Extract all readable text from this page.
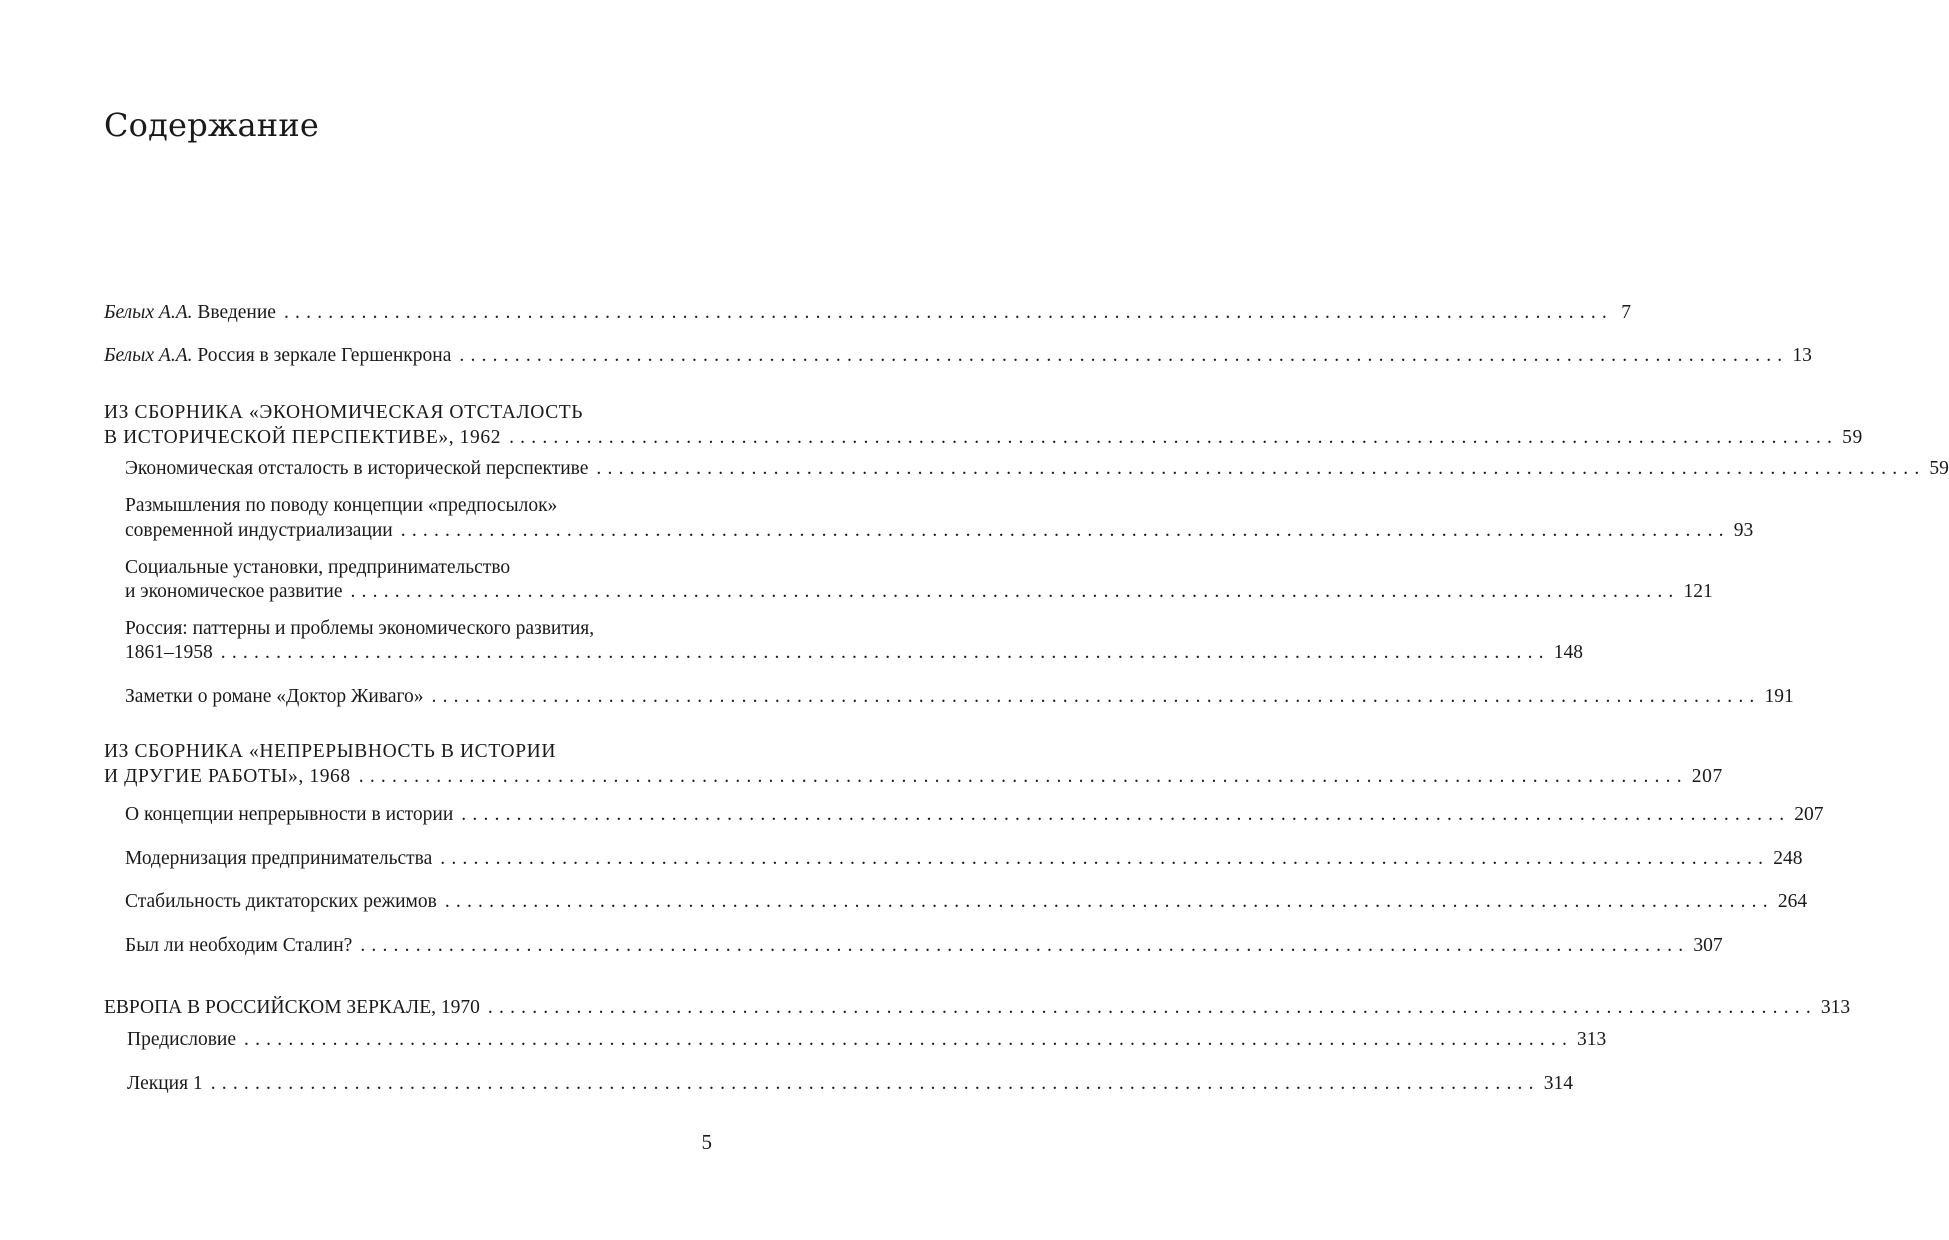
Содержание
Белых А.А.
Введение ........................................................................................................................ 7
Белых А.А.
Россия в зеркале Гершенкрона ........................................................................................................................ 13
ИЗ СБОРНИКА «ЭКОНОМИЧЕСКАЯ ОТСТАЛОСТЬ
В ИСТОРИЧЕСКОЙ ПЕРСПЕКТИВЕ», 1962 ........................................................................................................................ 59
Экономическая отсталость в исторической перспективе ........................................................................................................................ 59
Размышления по поводу концепции «предпосылок»
современной индустриализации ........................................................................................................................ 93
Социальные установки, предпринимательство
и экономическое развитие ........................................................................................................................ 121
Россия: паттерны и проблемы экономического развития,
1861–1958 ........................................................................................................................ 148
Заметки о романе «Доктор Живаго» ........................................................................................................................ 191
ИЗ СБОРНИКА «НЕПРЕРЫВНОСТЬ В ИСТОРИИ
И ДРУГИЕ РАБОТЫ», 1968 ........................................................................................................................ 207
О концепции непрерывности в истории ........................................................................................................................ 207
Модернизация предпринимательства ........................................................................................................................ 248
Стабильность диктаторских режимов ........................................................................................................................ 264
Был ли необходим Сталин? ........................................................................................................................ 307
ЕВРОПА В РОССИЙСКОМ ЗЕРКАЛЕ, 1970 ........................................................................................................................ 313
Предисловие ........................................................................................................................ 313
Лекция 1 ........................................................................................................................ 314
5
